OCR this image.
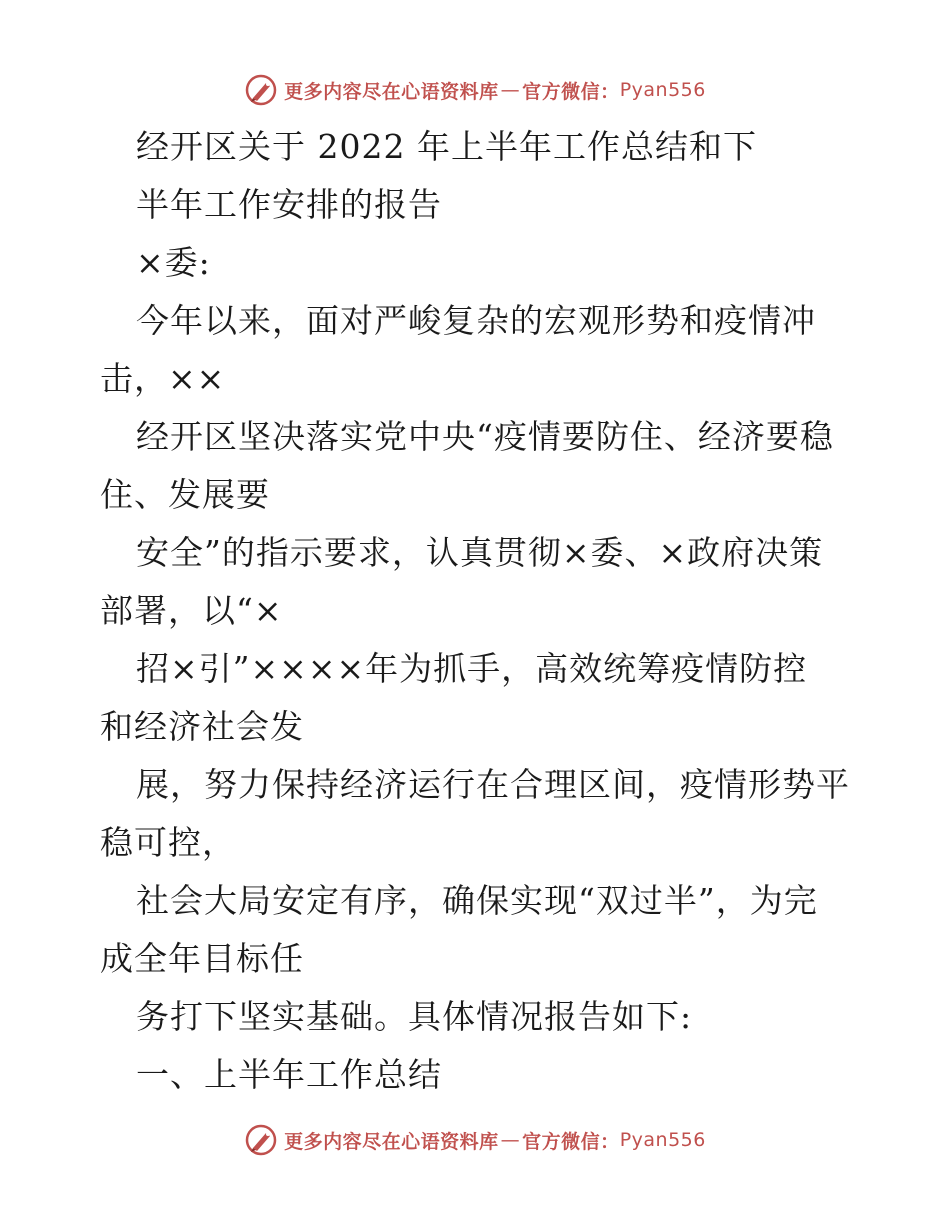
更多内容尽在心语资料库 — 官方微信： Pyan556
经开区关于 2022 年上半年工作总结和下
半年工作安排的报告
×委:
今年以来，面对严峻复杂的宏观形势和疫情冲
击，××
经开区坚决落实党中央“疫情要防住、经济要稳
住、发展要
安全”的指示要求，认真贯彻×委、×政府决策
部署，以“×
招×引”××××年为抓手，高效统筹疫情防控
和经济社会发
展，努力保持经济运行在合理区间，疫情形势平
稳可控，
社会大局安定有序，确保实现“双过半”，为完
成全年目标任
务打下坚实基础。具体情况报告如下:
一、上半年工作总结
更多内容尽在心语资料库 — 官方微信： Pyan556
